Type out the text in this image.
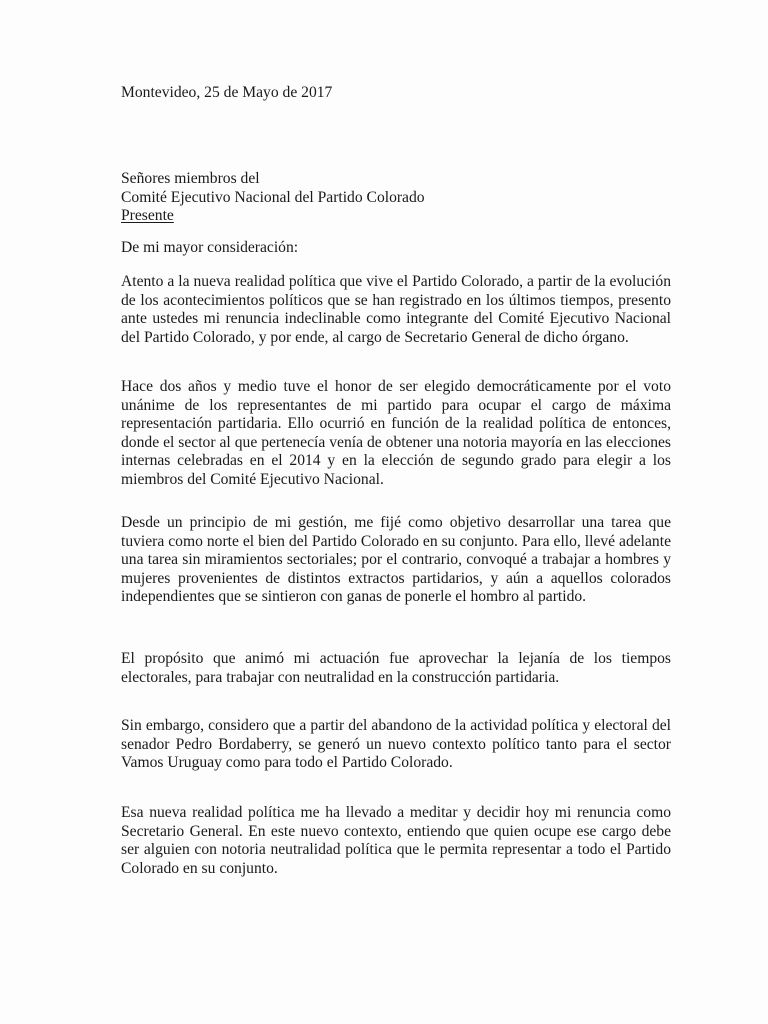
Montevideo, 25 de Mayo de 2017

Señores miembros del
Comité Ejecutivo Nacional del Partido Colorado
Presente

De mi mayor consideración:

Atento a la nueva realidad política que vive el Partido Colorado, a partir de la evolución de los acontecimientos políticos que se han registrado en los últimos tiempos, presento ante ustedes mi renuncia indeclinable como integrante del Comité Ejecutivo Nacional del Partido Colorado, y por ende, al cargo de Secretario General de dicho órgano.

Hace dos años y medio tuve el honor de ser elegido democráticamente por el voto unánime de los representantes de mi partido para ocupar el cargo de máxima representación partidaria. Ello ocurrió en función de la realidad política de entonces, donde el sector al que pertenecía venía de obtener una notoria mayoría en las elecciones internas celebradas en el 2014 y en la elección de segundo grado para elegir a los miembros del Comité Ejecutivo Nacional.

Desde un principio de mi gestión, me fijé como objetivo desarrollar una tarea que tuviera como norte el bien del Partido Colorado en su conjunto. Para ello, llevé adelante una tarea sin miramientos sectoriales; por el contrario, convoqué a trabajar a hombres y mujeres provenientes de distintos extractos partidarios, y aún a aquellos colorados independientes que se sintieron con ganas de ponerle el hombro al partido.

El propósito que animó mi actuación fue aprovechar la lejanía de los tiempos electorales, para trabajar con neutralidad en la construcción partidaria.

Sin embargo, considero que a partir del abandono de la actividad política y electoral del senador Pedro Bordaberry, se generó un nuevo contexto político tanto para el sector Vamos Uruguay como para todo el Partido Colorado.

Esa nueva realidad política me ha llevado a meditar y decidir hoy mi renuncia como Secretario General. En este nuevo contexto, entiendo que quien ocupe ese cargo debe ser alguien con notoria neutralidad política que le permita representar a todo el Partido Colorado en su conjunto.
